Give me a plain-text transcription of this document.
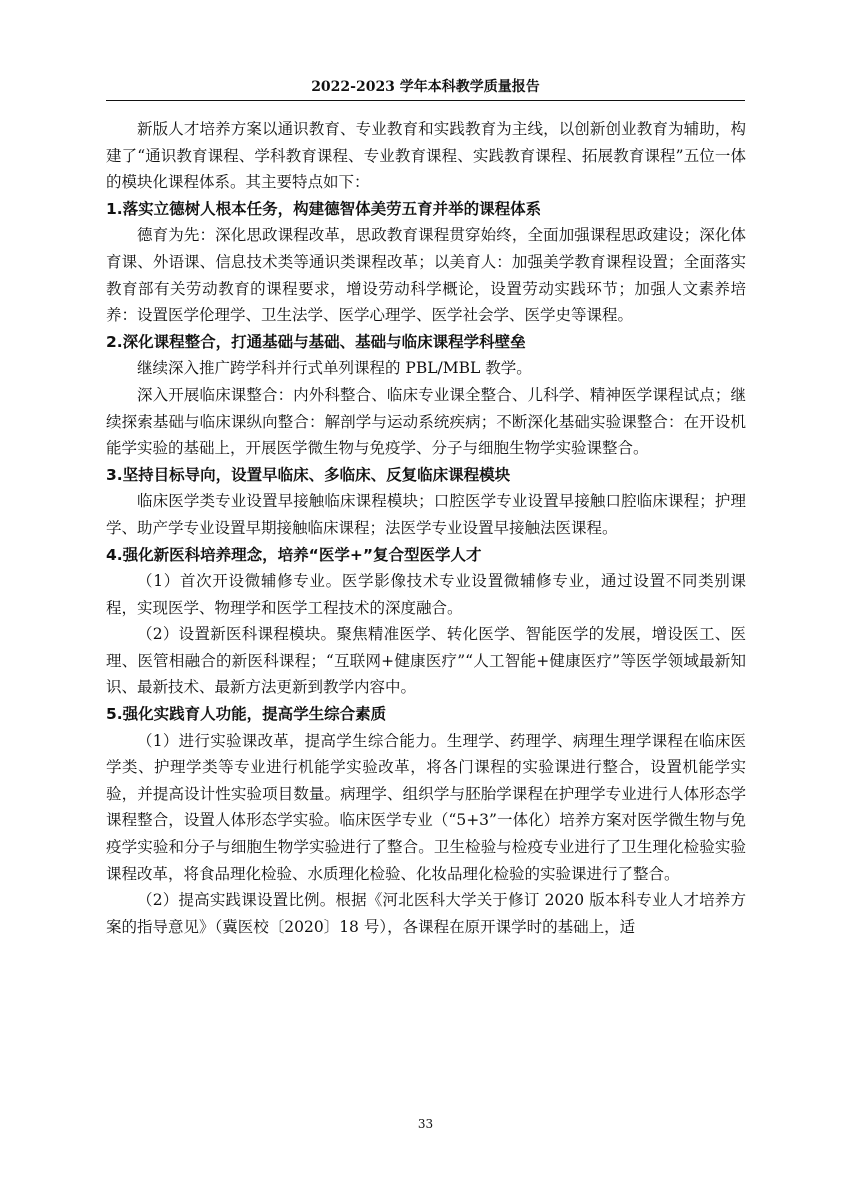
2022-2023 学年本科教学质量报告

新版人才培养方案以通识教育、专业教育和实践教育为主线，以创新创业教育为辅助，构建了“通识教育课程、学科教育课程、专业教育课程、实践教育课程、拓展教育课程”五位一体的模块化课程体系。其主要特点如下：

1.落实立德树人根本任务，构建德智体美劳五育并举的课程体系

德育为先：深化思政课程改革，思政教育课程贯穿始终，全面加强课程思政建设；深化体育课、外语课、信息技术类等通识类课程改革；以美育人：加强美学教育课程设置；全面落实教育部有关劳动教育的课程要求，增设劳动科学概论，设置劳动实践环节；加强人文素养培养：设置医学伦理学、卫生法学、医学心理学、医学社会学、医学史等课程。

2.深化课程整合，打通基础与基础、基础与临床课程学科壁垒

继续深入推广跨学科并行式单列课程的 PBL/MBL 教学。

深入开展临床课整合：内外科整合、临床专业课全整合、儿科学、精神医学课程试点；继续探索基础与临床课纵向整合：解剖学与运动系统疾病；不断深化基础实验课整合：在开设机能学实验的基础上，开展医学微生物与免疫学、分子与细胞生物学实验课整合。

3.坚持目标导向，设置早临床、多临床、反复临床课程模块

临床医学类专业设置早接触临床课程模块；口腔医学专业设置早接触口腔临床课程；护理学、助产学专业设置早期接触临床课程；法医学专业设置早接触法医课程。

4.强化新医科培养理念，培养“医学+”复合型医学人才

（1）首次开设微辅修专业。医学影像技术专业设置微辅修专业，通过设置不同类别课程，实现医学、物理学和医学工程技术的深度融合。

（2）设置新医科课程模块。聚焦精准医学、转化医学、智能医学的发展，增设医工、医理、医管相融合的新医科课程；“互联网+健康医疗”“人工智能+健康医疗”等医学领域最新知识、最新技术、最新方法更新到教学内容中。

5.强化实践育人功能，提高学生综合素质

（1）进行实验课改革，提高学生综合能力。生理学、药理学、病理生理学课程在临床医学类、护理学类等专业进行机能学实验改革，将各门课程的实验课进行整合，设置机能学实验，并提高设计性实验项目数量。病理学、组织学与胚胎学课程在护理学专业进行人体形态学课程整合，设置人体形态学实验。临床医学专业（“5+3”一体化）培养方案对医学微生物与免疫学实验和分子与细胞生物学实验进行了整合。卫生检验与检疫专业进行了卫生理化检验实验课程改革，将食品理化检验、水质理化检验、化妆品理化检验的实验课进行了整合。

（2）提高实践课设置比例。根据《河北医科大学关于修订 2020 版本科专业人才培养方案的指导意见》（冀医校〔2020〕18 号），各课程在原开课学时的基础上，适

33
